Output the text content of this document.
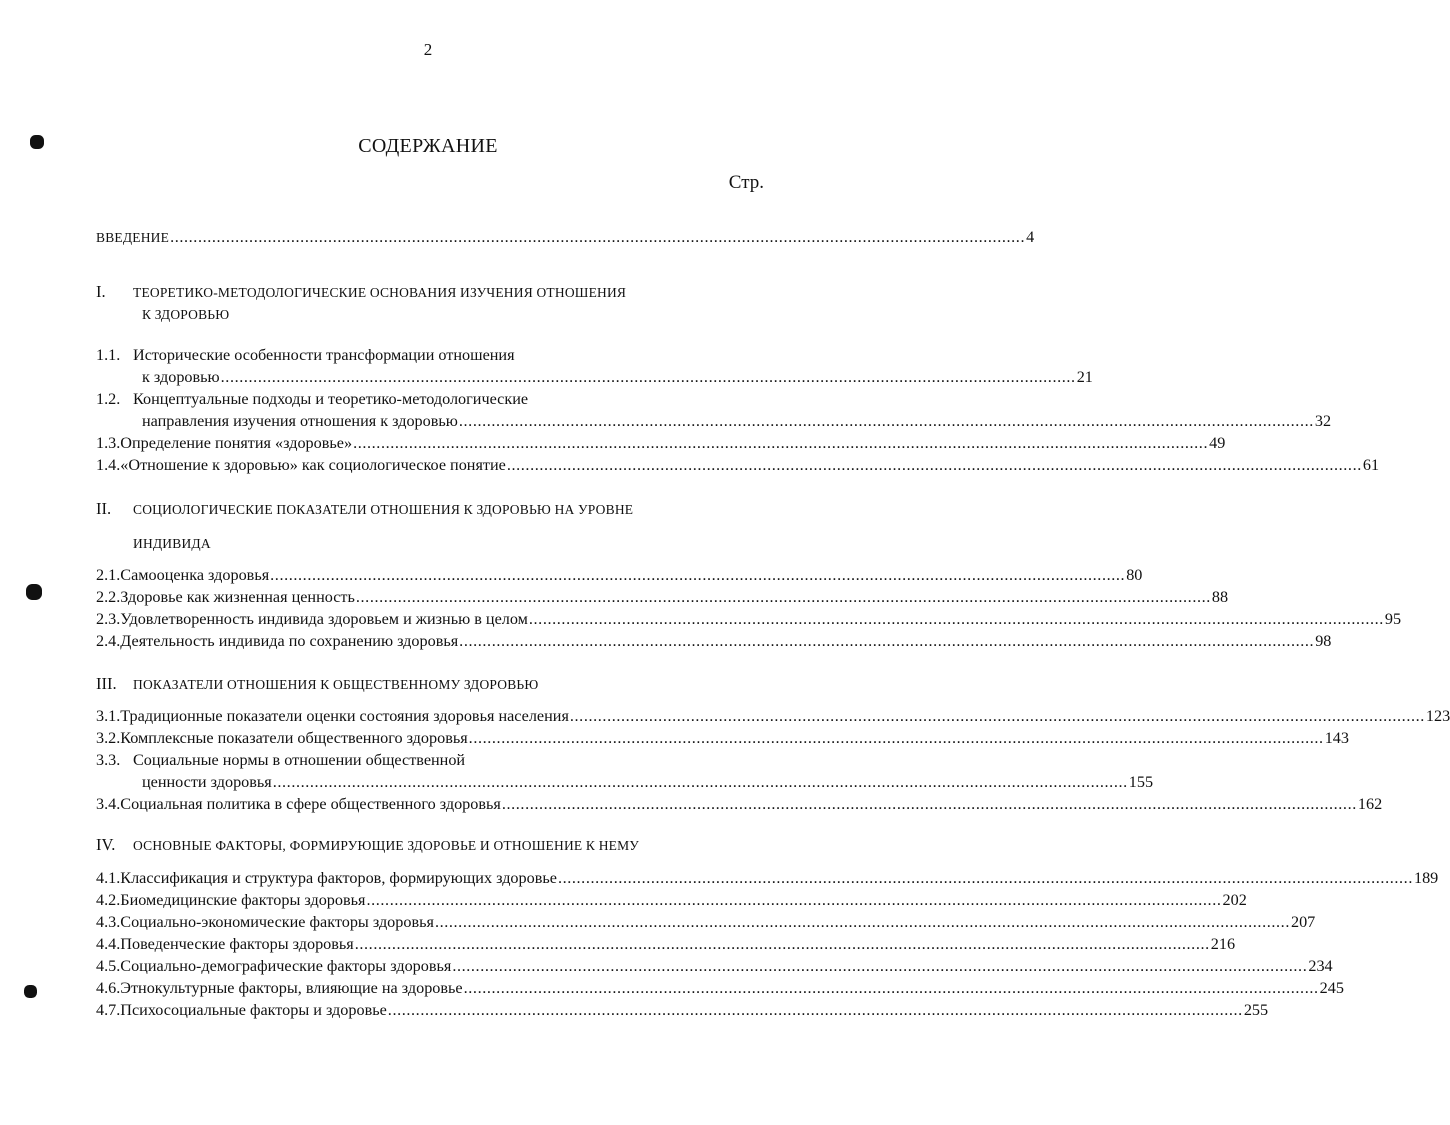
2
СОДЕРЖАНИЕ
Стр.
ВВЕДЕНИЕ ........................................................................................................................................................................................ 4
I. ТЕОРЕТИКО-МЕТОДОЛОГИЧЕСКИЕ ОСНОВАНИЯ ИЗУЧЕНИЯ ОТНОШЕНИЯ
К ЗДОРОВЬЮ
1.1. Исторические особенности трансформации отношения
к здоровью ........................................................................................................................................................................................ 21
1.2. Концептуальные подходы и теоретико-методологические
направления изучения отношения к здоровью ........................................................................................................................................................................................ 32
1.3. Определение понятия «здоровье» ........................................................................................................................................................................................ 49
1.4. «Отношение к здоровью» как социологическое понятие ........................................................................................................................................................................................ 61
II. СОЦИОЛОГИЧЕСКИЕ ПОКАЗАТЕЛИ ОТНОШЕНИЯ К ЗДОРОВЬЮ НА УРОВНЕ
ИНДИВИДА
2.1. Самооценка здоровья ........................................................................................................................................................................................ 80
2.2. Здоровье как жизненная ценность ........................................................................................................................................................................................ 88
2.3. Удовлетворенность индивида здоровьем и жизнью в целом ........................................................................................................................................................................................ 95
2.4. Деятельность индивида по сохранению здоровья ........................................................................................................................................................................................ 98
III. ПОКАЗАТЕЛИ ОТНОШЕНИЯ К ОБЩЕСТВЕННОМУ ЗДОРОВЬЮ
3.1. Традиционные показатели оценки состояния здоровья населения ........................................................................................................................................................................................ 123
3.2. Комплексные показатели общественного здоровья ........................................................................................................................................................................................ 143
3.3. Социальные нормы в отношении общественной
ценности здоровья ........................................................................................................................................................................................ 155
3.4. Социальная политика в сфере общественного здоровья ........................................................................................................................................................................................ 162
IV. ОСНОВНЫЕ ФАКТОРЫ, ФОРМИРУЮЩИЕ ЗДОРОВЬЕ И ОТНОШЕНИЕ К НЕМУ
4.1. Классификация и структура факторов, формирующих здоровье ........................................................................................................................................................................................ 189
4.2. Биомедицинские факторы здоровья ........................................................................................................................................................................................ 202
4.3. Социально-экономические факторы здоровья ........................................................................................................................................................................................ 207
4.4. Поведенческие факторы здоровья ........................................................................................................................................................................................ 216
4.5. Социально-демографические факторы здоровья ........................................................................................................................................................................................ 234
4.6. Этнокультурные факторы, влияющие на здоровье ........................................................................................................................................................................................ 245
4.7. Психосоциальные факторы и здоровье ........................................................................................................................................................................................ 255
